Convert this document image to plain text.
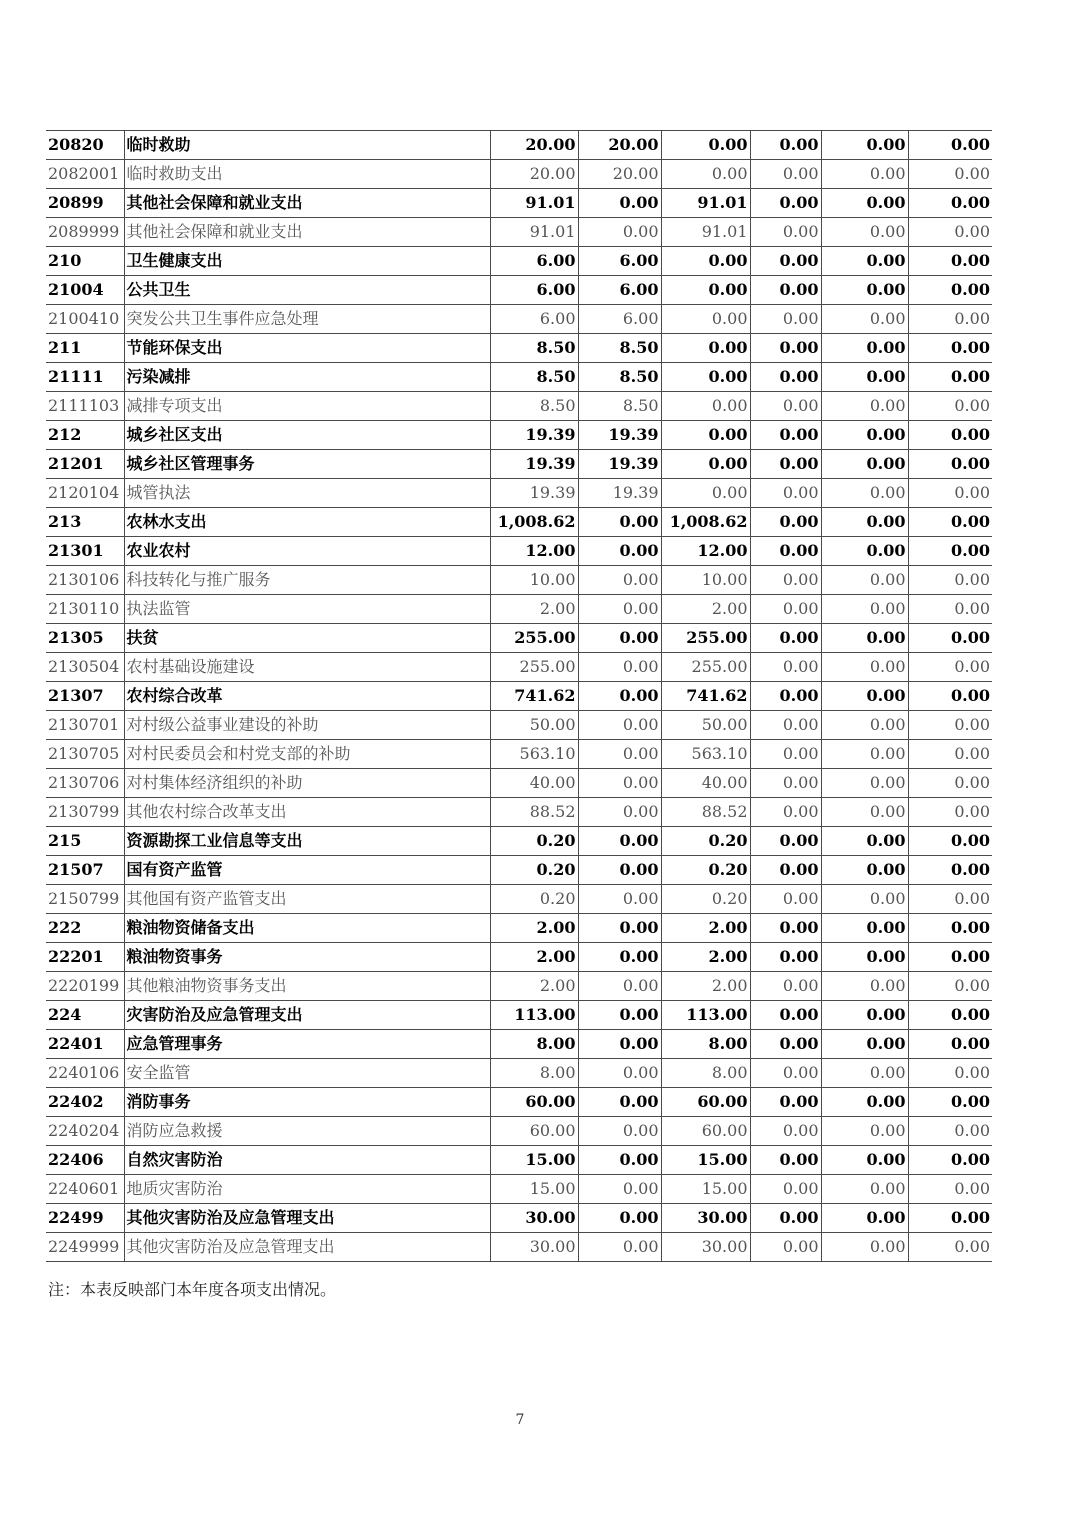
20820	临时救助	20.00	20.00	0.00	0.00	0.00	0.00
2082001	临时救助支出	20.00	20.00	0.00	0.00	0.00	0.00
20899	其他社会保障和就业支出	91.01	0.00	91.01	0.00	0.00	0.00
2089999	其他社会保障和就业支出	91.01	0.00	91.01	0.00	0.00	0.00
210	卫生健康支出	6.00	6.00	0.00	0.00	0.00	0.00
21004	公共卫生	6.00	6.00	0.00	0.00	0.00	0.00
2100410	突发公共卫生事件应急处理	6.00	6.00	0.00	0.00	0.00	0.00
211	节能环保支出	8.50	8.50	0.00	0.00	0.00	0.00
21111	污染减排	8.50	8.50	0.00	0.00	0.00	0.00
2111103	减排专项支出	8.50	8.50	0.00	0.00	0.00	0.00
212	城乡社区支出	19.39	19.39	0.00	0.00	0.00	0.00
21201	城乡社区管理事务	19.39	19.39	0.00	0.00	0.00	0.00
2120104	城管执法	19.39	19.39	0.00	0.00	0.00	0.00
213	农林水支出	1,008.62	0.00	1,008.62	0.00	0.00	0.00
21301	农业农村	12.00	0.00	12.00	0.00	0.00	0.00
2130106	科技转化与推广服务	10.00	0.00	10.00	0.00	0.00	0.00
2130110	执法监管	2.00	0.00	2.00	0.00	0.00	0.00
21305	扶贫	255.00	0.00	255.00	0.00	0.00	0.00
2130504	农村基础设施建设	255.00	0.00	255.00	0.00	0.00	0.00
21307	农村综合改革	741.62	0.00	741.62	0.00	0.00	0.00
2130701	对村级公益事业建设的补助	50.00	0.00	50.00	0.00	0.00	0.00
2130705	对村民委员会和村党支部的补助	563.10	0.00	563.10	0.00	0.00	0.00
2130706	对村集体经济组织的补助	40.00	0.00	40.00	0.00	0.00	0.00
2130799	其他农村综合改革支出	88.52	0.00	88.52	0.00	0.00	0.00
215	资源勘探工业信息等支出	0.20	0.00	0.20	0.00	0.00	0.00
21507	国有资产监管	0.20	0.00	0.20	0.00	0.00	0.00
2150799	其他国有资产监管支出	0.20	0.00	0.20	0.00	0.00	0.00
222	粮油物资储备支出	2.00	0.00	2.00	0.00	0.00	0.00
22201	粮油物资事务	2.00	0.00	2.00	0.00	0.00	0.00
2220199	其他粮油物资事务支出	2.00	0.00	2.00	0.00	0.00	0.00
224	灾害防治及应急管理支出	113.00	0.00	113.00	0.00	0.00	0.00
22401	应急管理事务	8.00	0.00	8.00	0.00	0.00	0.00
2240106	安全监管	8.00	0.00	8.00	0.00	0.00	0.00
22402	消防事务	60.00	0.00	60.00	0.00	0.00	0.00
2240204	消防应急救援	60.00	0.00	60.00	0.00	0.00	0.00
22406	自然灾害防治	15.00	0.00	15.00	0.00	0.00	0.00
2240601	地质灾害防治	15.00	0.00	15.00	0.00	0.00	0.00
22499	其他灾害防治及应急管理支出	30.00	0.00	30.00	0.00	0.00	0.00
2249999	其他灾害防治及应急管理支出	30.00	0.00	30.00	0.00	0.00	0.00
注：本表反映部门本年度各项支出情况。
7
